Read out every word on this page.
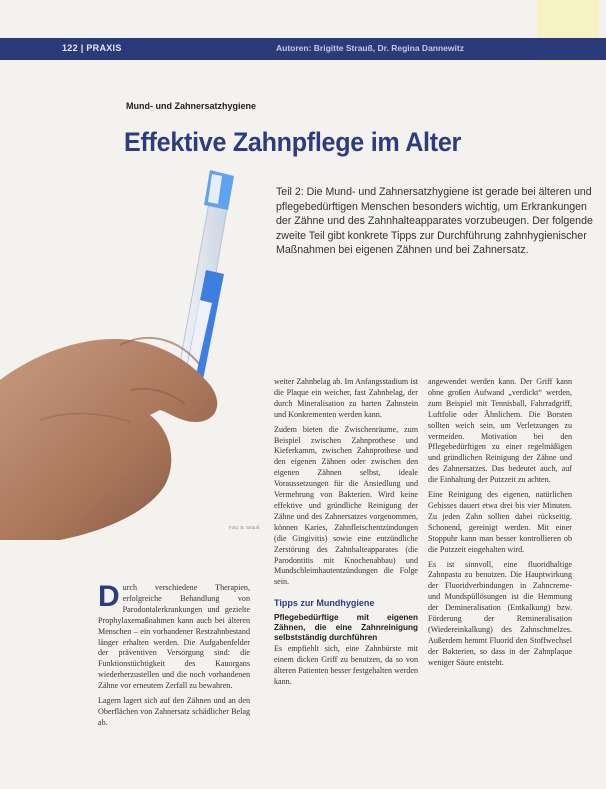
122 | PRAXIS	Autoren: Brigitte Strauß, Dr. Regina Dannewitz
Mund- und Zahnersatzhygiene
Effektive Zahnpflege im Alter
Teil 2: Die Mund- und Zahnersatzhygiene ist gerade bei älteren und pflegebedürftigen Menschen besonders wichtig, um Erkrankungen der Zähne und des Zahnhalteapparates vorzubeugen. Der folgende zweite Teil gibt konkrete Tipps zur Durchführung zahnhygienischer Maßnahmen bei eigenen Zähnen und bei Zahnersatz.
Foto: B. Strauß

Durch verschiedene Therapien, erfolgreiche Behandlung von Parodontalerkrankungen und gezielte Prophylaxemaßnahmen kann auch bei älteren Menschen – ein vorhandener Restzahnbestand länger erhalten werden. Die Aufgabenfelder der präventiven Versorgung sind: die Funktionstüchtigkeit des Kauorgans wiederherzustellen und die noch vorhandenen Zähne vor erneutem Zerfall zu bewahren.

Lagern lagert sich auf den Zähnen und an den Oberflächen von Zahnersatz schädlicher Belag ab.

weiter Zahnbelag ab. Im Anfangsstadium ist die Plaque ein weicher, fast Zahnbelag, der durch Mineralisation zu harten Zahnstein und Konkrementen werden kann.

Zudem bieten die Zwischenräume, zum Beispiel zwischen Zahnprothese und Kieferkamm, zwischen Zahnprothese und den eigenen Zähnen oder zwischen den eigenen Zähnen selbst, ideale Voraussetzungen für die Ansiedlung und Vermehrung von Bakterien. Wird keine effektive und gründliche Reinigung der Zähne und des Zahnersatzes vorgenommen, können Karies, Zahnfleischentzündungen (die Gingivitis) sowie eine entzündliche Zerstörung des Zahnhalteapparates (die Parodontitis mit Knochenabbau) und Mundschleimhautentzündungen die Folge sein.

Tipps zur Mundhygiene
Pflegebedürftige mit eigenen Zähnen, die eine Zahnreinigung selbstständig durchführen

Es empfiehlt sich, eine Zahnbürste mit einem dicken Griff zu benutzen, da so von älteren Patienten besser festgehalten werden kann.

angewendet werden kann. Der Griff kann ohne großen Aufwand „verdickt“ werden, zum Beispiel mit Tennisball, Fahrradgriff, Luftfolie oder Ähnlichem. Die Borsten sollten weich sein, um Verletzungen zu vermeiden. Motivation bei den Pflegebedürftigen zu einer regelmäßigen und gründlichen Reinigung der Zähne und des Zahnersatzes. Das bedeutet auch, auf die Einhaltung der Putzzeit zu achten.

Eine Reinigung des eigenen, natürlichen Gebisses dauert etwa drei bis vier Minuten. Zu jeden Zahn sollten dabei rückseitig. Schonend, gereinigt werden. Mit einer Stoppuhr kann man besser kontrollieren ob die Putzzeit eingehalten wird.

Es ist sinnvoll, eine fluoridhaltige Zahnpasta zu benutzen. Die Hauptwirkung der Fluoridverbindungen in Zahncreme- und Mundspüllösungen ist die Hemmung der Demineralisation (Entkalkung) bzw. Förderung der Remineralisation (Wiedereinkalkung) des Zahnschmelzes. Außerdem hemmt Fluorid den Stoffwechsel der Bakterien, so dass in der Zahnplaque weniger Säure entsteht.
